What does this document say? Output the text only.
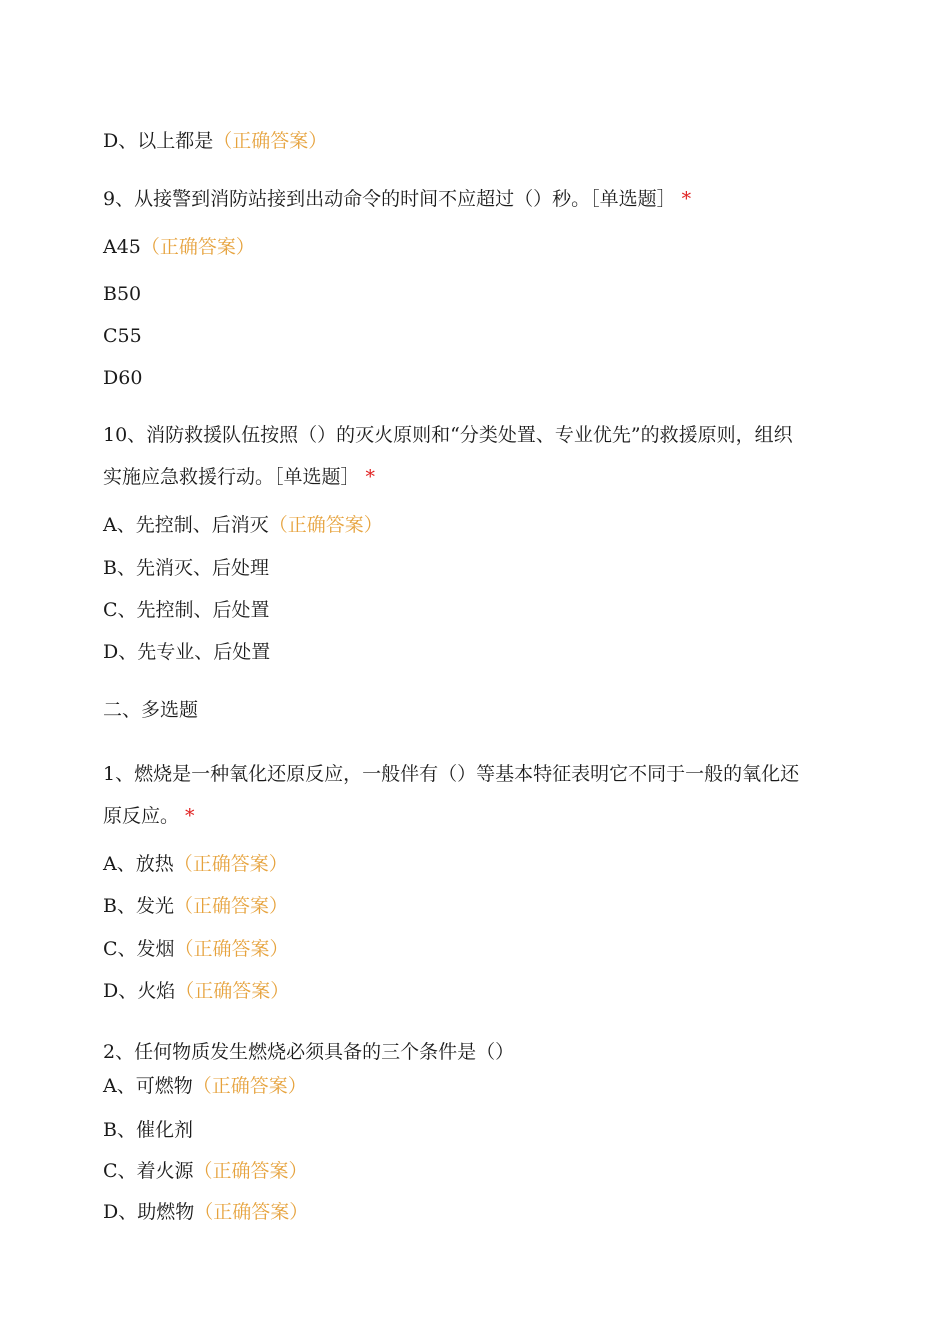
D、以上都是（正确答案）
9、从接警到消防站接到出动命令的时间不应超过（）秒。［单选题］ *
A45（正确答案）
B50
C55
D60
10、消防救援队伍按照（）的灭火原则和“分类处置、专业优先”的救援原则，组织
实施应急救援行动。［单选题］ *
A、先控制、后消灭（正确答案）
B、先消灭、后处理
C、先控制、后处置
D、先专业、后处置
二、多选题
1、燃烧是一种氧化还原反应，一般伴有（）等基本特征表明它不同于一般的氧化还
原反应。 *
A、放热（正确答案）
B、发光（正确答案）
C、发烟（正确答案）
D、火焰（正确答案）
2、任何物质发生燃烧必须具备的三个条件是（）
A、可燃物（正确答案）
B、催化剂
C、着火源（正确答案）
D、助燃物（正确答案）
